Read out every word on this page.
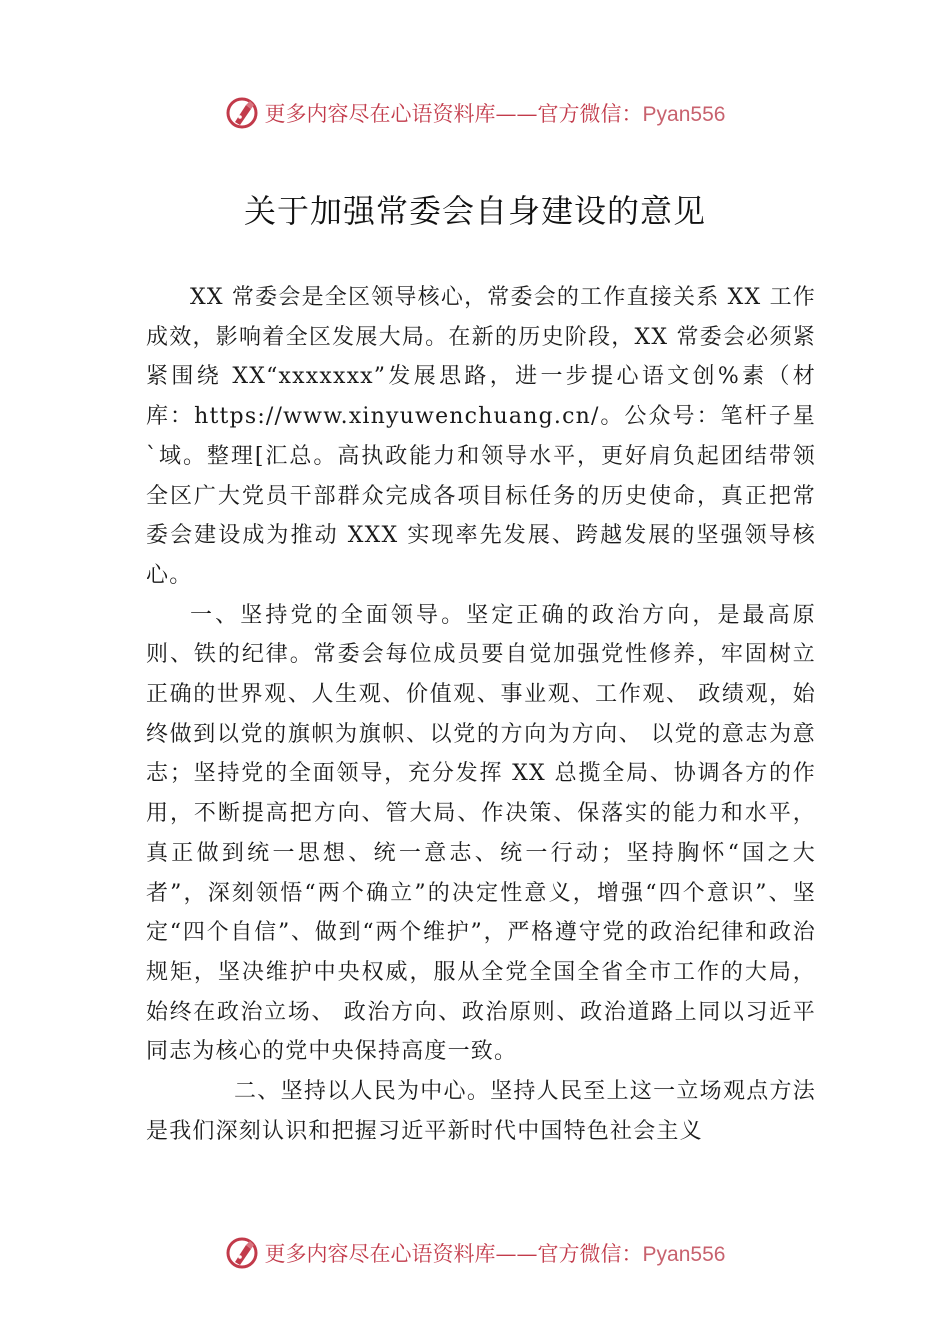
更多内容尽在心语资料库——官方微信：Pyan556
关于加强常委会自身建设的意见

XX 常委会是全区领导核心，常委会的工作直接关系 XX 工作成效，影响着全区发展大局。在新的历史阶段，XX 常委会必须紧紧围绕 XX“xxxxxxx”发展思路，进一步提心语文创%素（材库：https://www.xinyuwenchuang.cn/。公众号：笔杆子星`域。整理[汇总。高执政能力和领导水平，更好肩负起团结带领全区广大党员干部群众完成各项目标任务的历史使命，真正把常委会建设成为推动 XXX 实现率先发展、跨越发展的坚强领导核心。

一、坚持党的全面领导。坚定正确的政治方向，是最高原则、铁的纪律。常委会每位成员要自觉加强党性修养，牢固树立正确的世界观、人生观、价值观、事业观、工作观、 政绩观，始终做到以党的旗帜为旗帜、以党的方向为方向、 以党的意志为意志；坚持党的全面领导，充分发挥 XX 总揽全局、协调各方的作用，不断提高把方向、管大局、作决策、保落实的能力和水平，真正做到统一思想、统一意志、统一行动；坚持胸怀“国之大者”，深刻领悟“两个确立”的决定性意义，增强“四个意识”、坚定“四个自信”、做到“两个维护”，严格遵守党的政治纪律和政治规矩，坚决维护中央权威，服从全党全国全省全市工作的大局，始终在政治立场、 政治方向、政治原则、政治道路上同以习近平同志为核心的党中央保持高度一致。

二、坚持以人民为中心。坚持人民至上这一立场观点方法是我们深刻认识和把握习近平新时代中国特色社会主义

更多内容尽在心语资料库——官方微信：Pyan556
